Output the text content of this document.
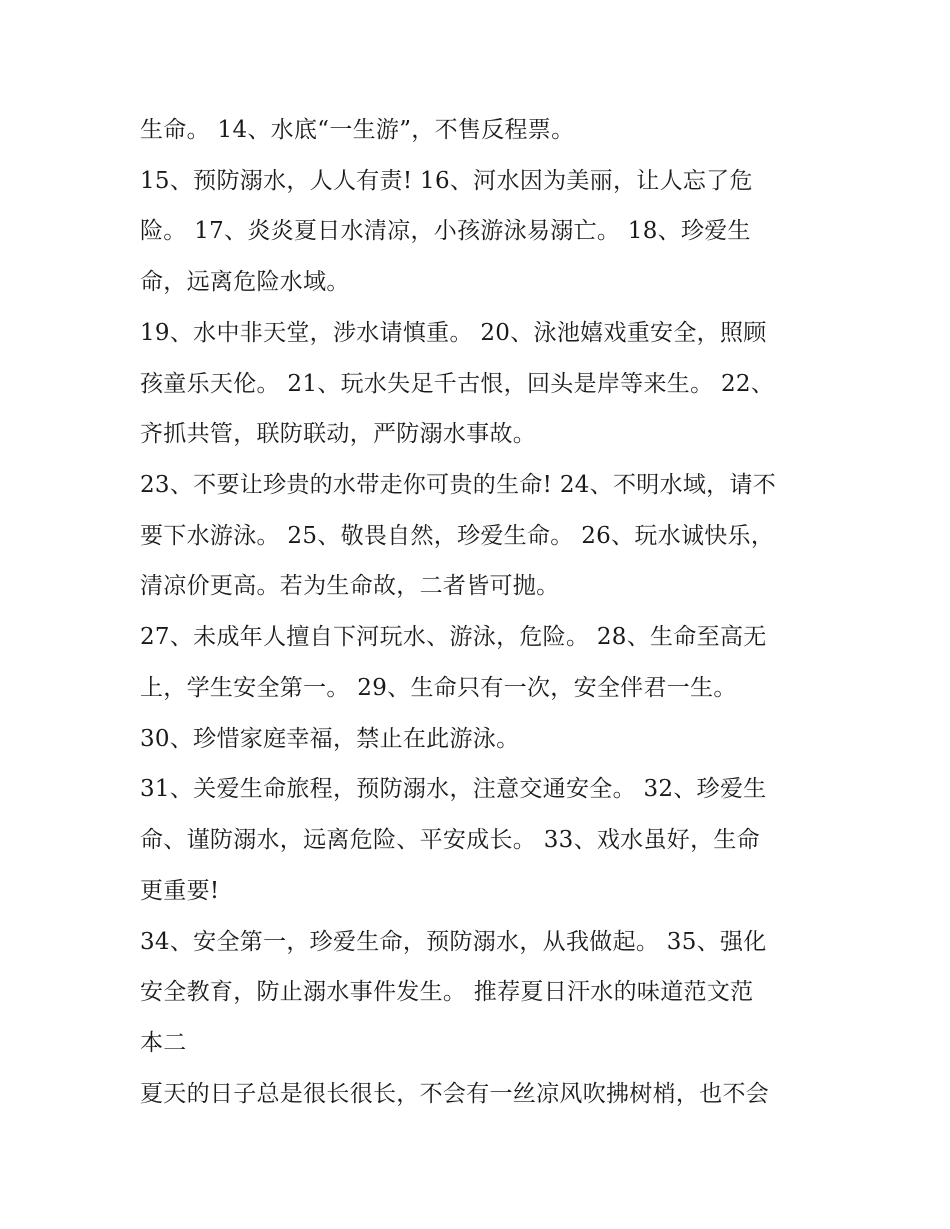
生命。 14、水底“一生游”，不售反程票。
15、预防溺水，人人有责! 16、河水因为美丽，让人忘了危
险。 17、炎炎夏日水清凉，小孩游泳易溺亡。 18、珍爱生
命，远离危险水域。
19、水中非天堂，涉水请慎重。 20、泳池嬉戏重安全，照顾
孩童乐天伦。 21、玩水失足千古恨，回头是岸等来生。 22、
齐抓共管，联防联动，严防溺水事故。
23、不要让珍贵的水带走你可贵的生命! 24、不明水域，请不
要下水游泳。 25、敬畏自然，珍爱生命。 26、玩水诚快乐，
清凉价更高。若为生命故，二者皆可抛。
27、未成年人擅自下河玩水、游泳，危险。 28、生命至高无
上，学生安全第一。 29、生命只有一次，安全伴君一生。
30、珍惜家庭幸福，禁止在此游泳。
31、关爱生命旅程，预防溺水，注意交通安全。 32、珍爱生
命、谨防溺水，远离危险、平安成长。 33、戏水虽好，生命
更重要!
34、安全第一，珍爱生命，预防溺水，从我做起。 35、强化
安全教育，防止溺水事件发生。 推荐夏日汗水的味道范文范
本二
夏天的日子总是很长很长，不会有一丝凉风吹拂树梢，也不会
